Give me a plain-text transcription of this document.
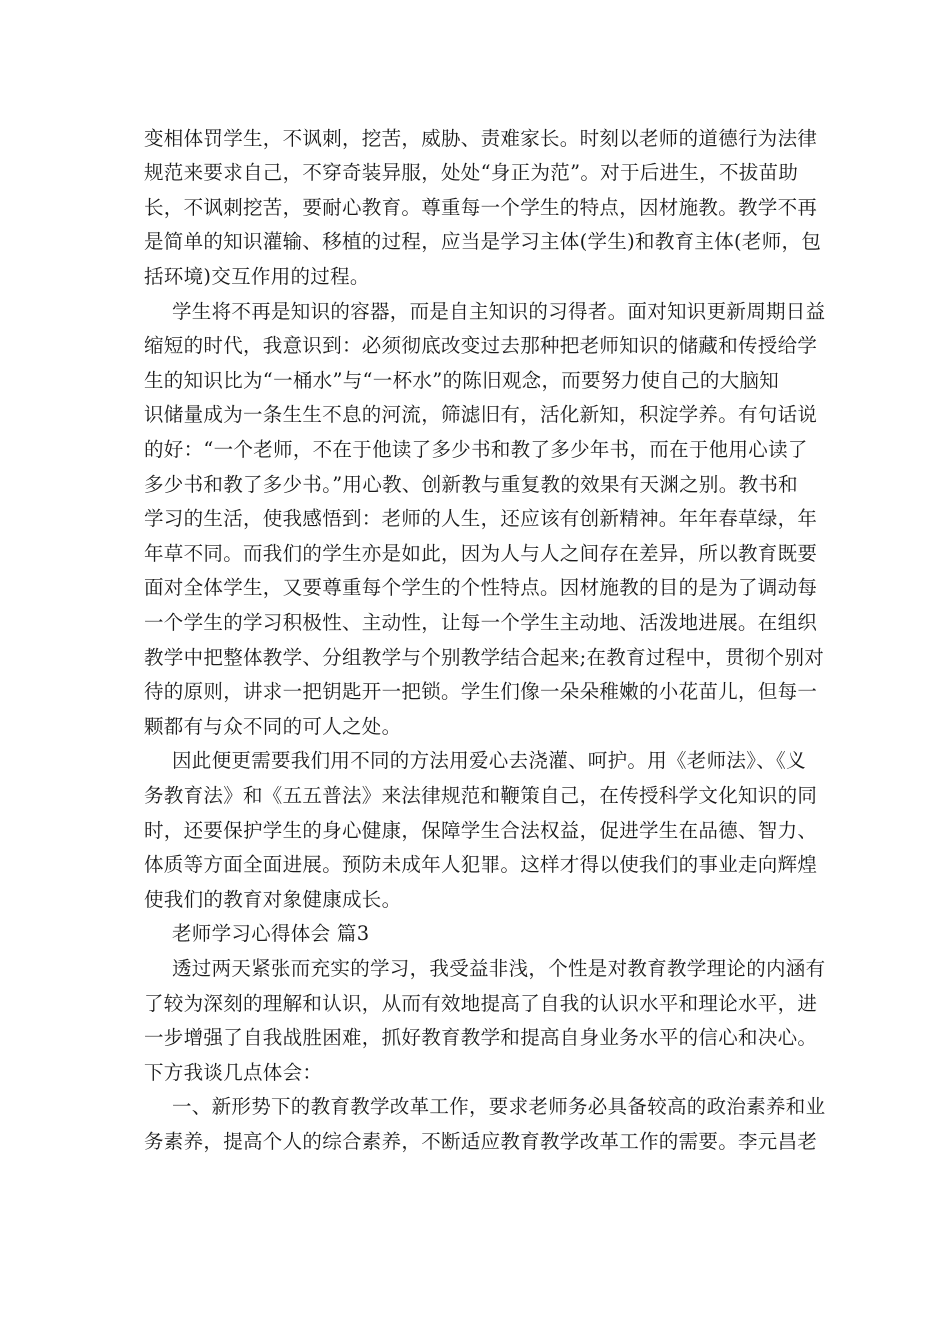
变相体罚学生，不讽刺，挖苦，威胁、责难家长。时刻以老师的道德行为法律
规范来要求自己，不穿奇装异服，处处“身正为范”。对于后进生，不拔苗助
长，不讽刺挖苦，要耐心教育。尊重每一个学生的特点，因材施教。教学不再
是简单的知识灌输、移植的过程，应当是学习主体(学生)和教育主体(老师，包
括环境)交互作用的过程。
学生将不再是知识的容器，而是自主知识的习得者。面对知识更新周期日益
缩短的时代，我意识到：必须彻底改变过去那种把老师知识的储藏和传授给学
生的知识比为“一桶水”与“一杯水”的陈旧观念，而要努力使自己的大脑知
识储量成为一条生生不息的河流，筛滤旧有，活化新知，积淀学养。有句话说
的好：“一个老师，不在于他读了多少书和教了多少年书，而在于他用心读了
多少书和教了多少书。”用心教、创新教与重复教的效果有天渊之别。教书和
学习的生活，使我感悟到：老师的人生，还应该有创新精神。年年春草绿，年
年草不同。而我们的学生亦是如此，因为人与人之间存在差异，所以教育既要
面对全体学生，又要尊重每个学生的个性特点。因材施教的目的是为了调动每
一个学生的学习积极性、主动性，让每一个学生主动地、活泼地进展。在组织
教学中把整体教学、分组教学与个别教学结合起来;在教育过程中，贯彻个别对
待的原则，讲求一把钥匙开一把锁。学生们像一朵朵稚嫩的小花苗儿，但每一
颗都有与众不同的可人之处。
因此便更需要我们用不同的方法用爱心去浇灌、呵护。用《老师法》、《义
务教育法》和《五五普法》来法律规范和鞭策自己，在传授科学文化知识的同
时，还要保护学生的身心健康，保障学生合法权益，促进学生在品德、智力、
体质等方面全面进展。预防未成年人犯罪。这样才得以使我们的事业走向辉煌
使我们的教育对象健康成长。
老师学习心得体会 篇3
透过两天紧张而充实的学习，我受益非浅，个性是对教育教学理论的内涵有
了较为深刻的理解和认识，从而有效地提高了自我的认识水平和理论水平，进
一步增强了自我战胜困难，抓好教育教学和提高自身业务水平的信心和决心。
下方我谈几点体会：
一、新形势下的教育教学改革工作，要求老师务必具备较高的政治素养和业
务素养，提高个人的综合素养，不断适应教育教学改革工作的需要。李元昌老
